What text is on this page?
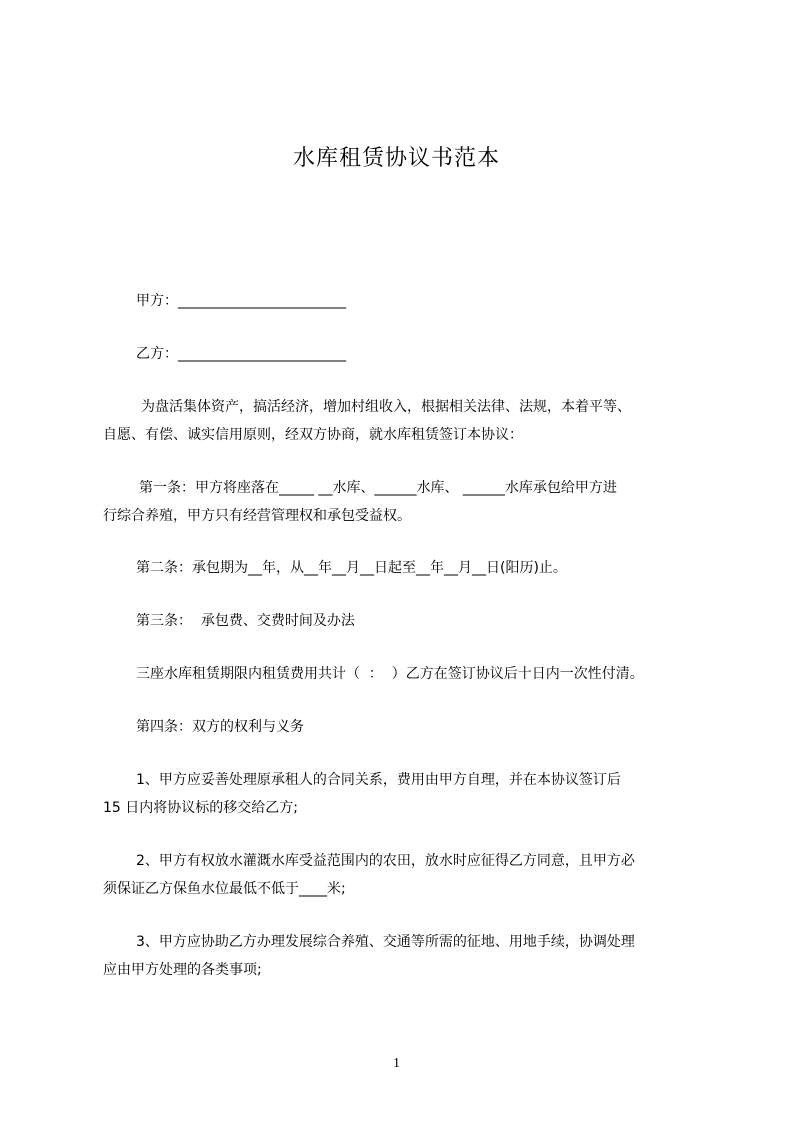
水库租赁协议书范本
甲方：________________________
乙方：________________________
为盘活集体资产，搞活经济，增加村组收入，根据相关法律、法规，本着平等、
自愿、有偿、诚实信用原则，经双方协商，就水库租赁签订本协议：
第一条：甲方将座落在_____ __水库、______水库、 ______水库承包给甲方进
行综合养殖，甲方只有经营管理权和承包受益权。
第二条：承包期为__年，从__年__月__日起至__年__月__日(阳历)止。
第三条：  承包费、交费时间及办法
三座水库租赁期限内租赁费用共计（  ：  ）乙方在签订协议后十日内一次性付清。
第四条：双方的权利与义务
1、甲方应妥善处理原承租人的合同关系，费用由甲方自理，并在本协议签订后
15 日内将协议标的移交给乙方;
2、甲方有权放水灌溉水库受益范围内的农田，放水时应征得乙方同意，且甲方必
须保证乙方保鱼水位最低不低于____米;
3、甲方应协助乙方办理发展综合养殖、交通等所需的征地、用地手续，协调处理
应由甲方处理的各类事项;
1
